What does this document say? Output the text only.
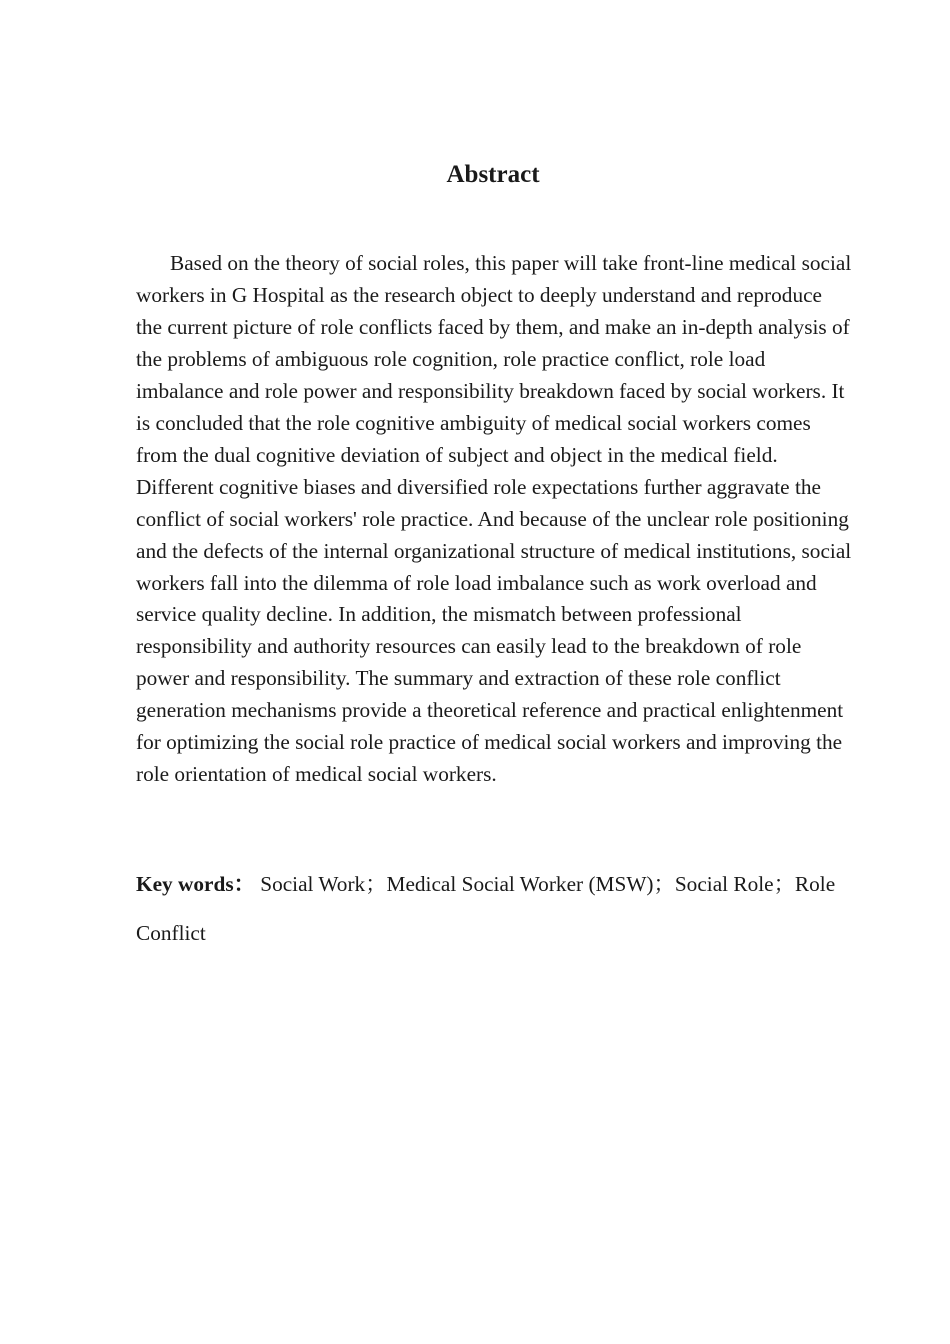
Abstract

Based on the theory of social roles, this paper will take front-line medical social workers in G Hospital as the research object to deeply understand and reproduce the current picture of role conflicts faced by them, and make an in-depth analysis of the problems of ambiguous role cognition, role practice conflict, role load imbalance and role power and responsibility breakdown faced by social workers. It is concluded that the role cognitive ambiguity of medical social workers comes from the dual cognitive deviation of subject and object in the medical field. Different cognitive biases and diversified role expectations further aggravate the conflict of social workers' role practice. And because of the unclear role positioning and the defects of the internal organizational structure of medical institutions, social workers fall into the dilemma of role load imbalance such as work overload and service quality decline. In addition, the mismatch between professional responsibility and authority resources can easily lead to the breakdown of role power and responsibility. The summary and extraction of these role conflict generation mechanisms provide a theoretical reference and practical enlightenment for optimizing the social role practice of medical social workers and improving the role orientation of medical social workers.

Key words： Social Work；Medical Social Worker (MSW)；Social Role；Role Conflict
